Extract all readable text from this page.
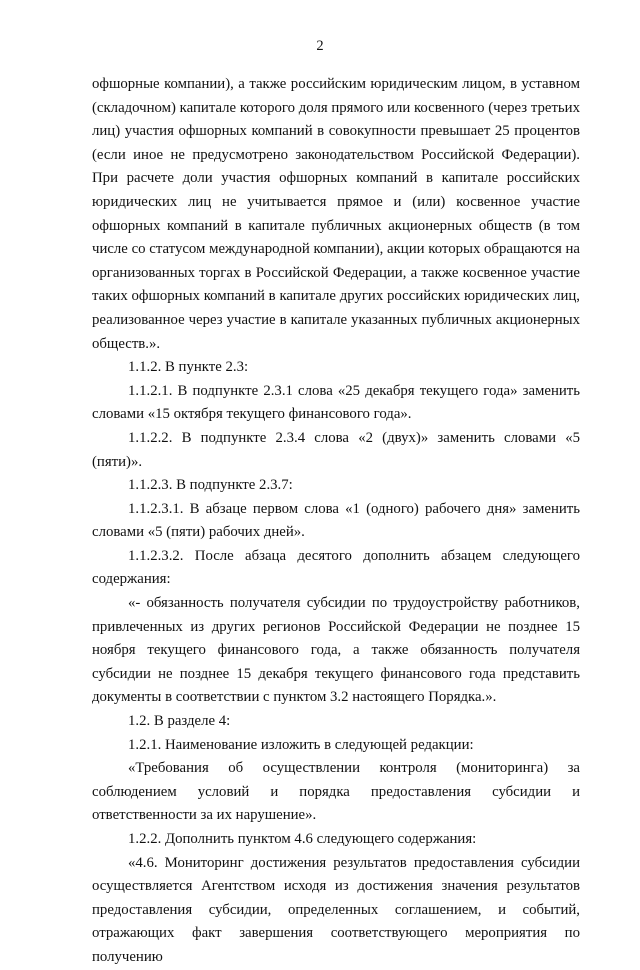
2

офшорные компании), а также российским юридическим лицом, в уставном (складочном) капитале которого доля прямого или косвенного (через третьих лиц) участия офшорных компаний в совокупности превышает 25 процентов (если иное не предусмотрено законодательством Российской Федерации). При расчете доли участия офшорных компаний в капитале российских юридических лиц не учитывается прямое и (или) косвенное участие офшорных компаний в капитале публичных акционерных обществ (в том числе со статусом международной компании), акции которых обращаются на организованных торгах в Российской Федерации, а также косвенное участие таких офшорных компаний в капитале других российских юридических лиц, реализованное через участие в капитале указанных публичных акционерных обществ.».

1.1.2. В пункте 2.3:

1.1.2.1. В подпункте 2.3.1 слова «25 декабря текущего года» заменить словами «15 октября текущего финансового года».

1.1.2.2. В подпункте 2.3.4 слова «2 (двух)» заменить словами «5 (пяти)».

1.1.2.3. В подпункте 2.3.7:

1.1.2.3.1. В абзаце первом слова «1 (одного) рабочего дня» заменить словами «5 (пяти) рабочих дней».

1.1.2.3.2. После абзаца десятого дополнить абзацем следующего содержания:

«- обязанность получателя субсидии по трудоустройству работников, привлеченных из других регионов Российской Федерации не позднее 15 ноября текущего финансового года, а также обязанность получателя субсидии не позднее 15 декабря текущего финансового года представить документы в соответствии с пунктом 3.2 настоящего Порядка.».

1.2. В разделе 4:

1.2.1. Наименование изложить в следующей редакции:

«Требования об осуществлении контроля (мониторинга) за соблюдением условий и порядка предоставления субсидии и ответственности за их нарушение».

1.2.2. Дополнить пунктом 4.6 следующего содержания:

«4.6. Мониторинг достижения результатов предоставления субсидии осуществляется Агентством исходя из достижения значения результатов предоставления субсидии, определенных соглашением, и событий, отражающих факт завершения соответствующего мероприятия по получению
